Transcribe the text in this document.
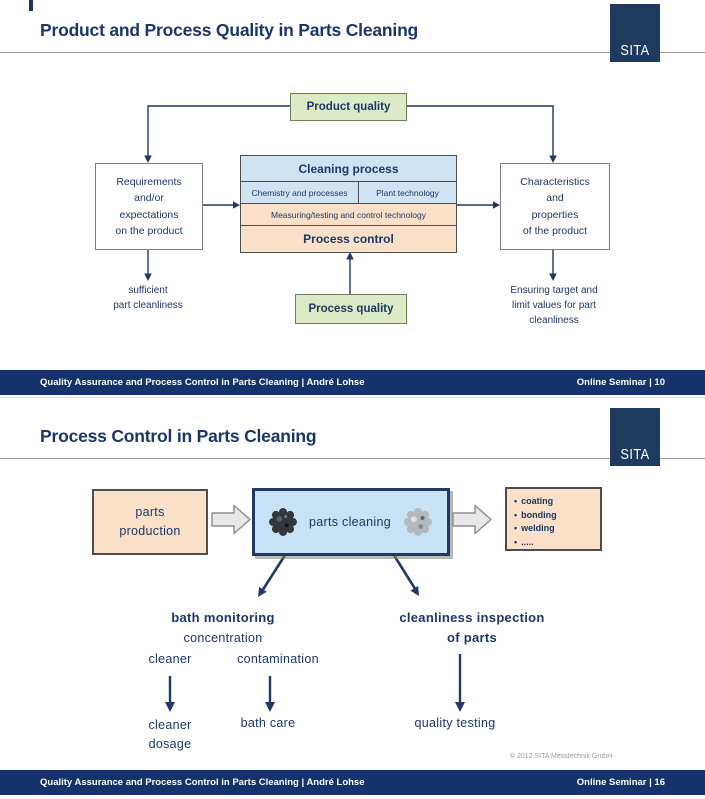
Product and Process Quality in Parts Cleaning
SITA
Product quality
Requirements
and/or
expectations
on the product
Cleaning process
Chemistry and processes	Plant technology
Measuring/testing and control technology
Process control
Characteristics
and
properties
of the product
sufficient
part cleanliness
Ensuring target and
limit values for part
cleanliness
Process quality
Quality Assurance and Process Control in Parts Cleaning | André Lohse	Online Seminar | 10
Process Control in Parts Cleaning
SITA
parts
production
parts cleaning
• coating
• bonding
• welding
• .....
bath monitoring
concentration
cleaner	contamination
cleanliness inspection
of parts
cleaner
dosage
bath care	quality testing
© 2012 SITA Messtechnik GmbH
Quality Assurance and Process Control in Parts Cleaning | André Lohse	Online Seminar | 16
